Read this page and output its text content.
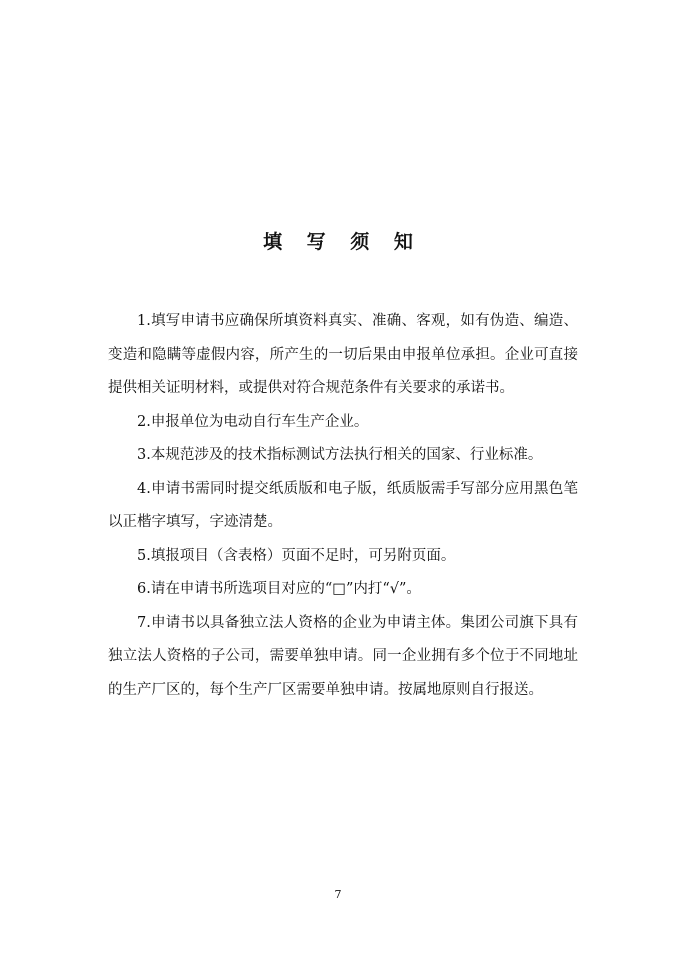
填 写 须 知

1.填写申请书应确保所填资料真实、准确、客观，如有伪造、编造、变造和隐瞒等虚假内容，所产生的一切后果由申报单位承担。企业可直接提供相关证明材料，或提供对符合规范条件有关要求的承诺书。

2.申报单位为电动自行车生产企业。

3.本规范涉及的技术指标测试方法执行相关的国家、行业标准。

4.申请书需同时提交纸质版和电子版，纸质版需手写部分应用黑色笔以正楷字填写，字迹清楚。

5.填报项目（含表格）页面不足时，可另附页面。

6.请在申请书所选项目对应的“□”内打“√”。

7.申请书以具备独立法人资格的企业为申请主体。集团公司旗下具有独立法人资格的子公司，需要单独申请。同一企业拥有多个位于不同地址的生产厂区的，每个生产厂区需要单独申请。按属地原则自行报送。

7
